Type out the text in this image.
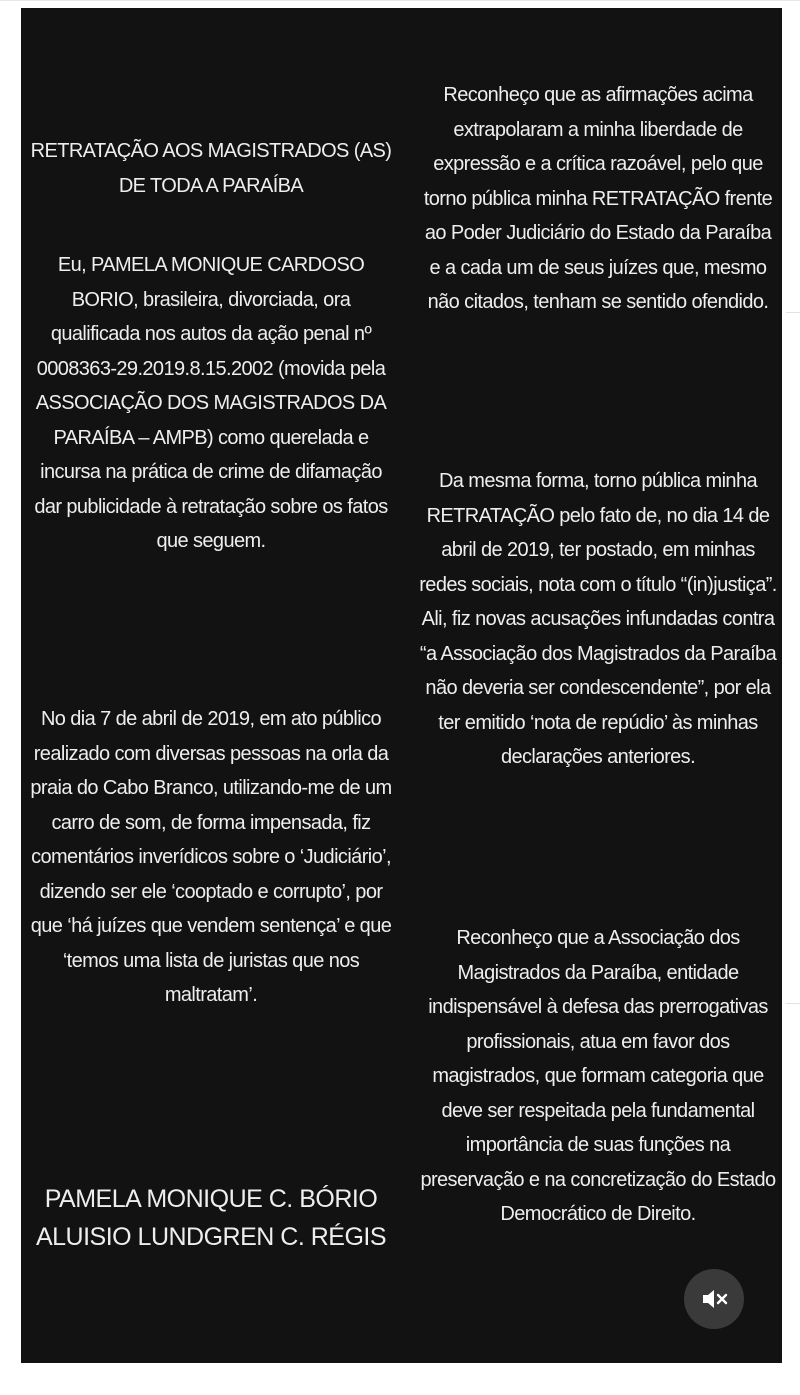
RETRATAÇÃO AOS MAGISTRADOS (AS) DE TODA A PARAÍBA

Eu, PAMELA MONIQUE CARDOSO BORIO, brasileira, divorciada, ora qualificada nos autos da ação penal nº 0008363-29.2019.8.15.2002 (movida pela ASSOCIAÇÃO DOS MAGISTRADOS DA PARAÍBA – AMPB) como querelada e incursa na prática de crime de difamação dar publicidade à retratação sobre os fatos que seguem.

No dia 7 de abril de 2019, em ato público realizado com diversas pessoas na orla da praia do Cabo Branco, utilizando-me de um carro de som, de forma impensada, fiz comentários inverídicos sobre o ‘Judiciário’, dizendo ser ele ‘cooptado e corrupto’, por que ‘há juízes que vendem sentença’ e que ‘temos uma lista de juristas que nos maltratam’.

PAMELA MONIQUE C. BÓRIO
ALUISIO LUNDGREN C. RÉGIS

Reconheço que as afirmações acima extrapolaram a minha liberdade de expressão e a crítica razoável, pelo que torno pública minha RETRATAÇÃO frente ao Poder Judiciário do Estado da Paraíba e a cada um de seus juízes que, mesmo não citados, tenham se sentido ofendido.

Da mesma forma, torno pública minha RETRATAÇÃO pelo fato de, no dia 14 de abril de 2019, ter postado, em minhas redes sociais, nota com o título “(in)justiça”. Ali, fiz novas acusações infundadas contra “a Associação dos Magistrados da Paraíba não deveria ser condescendente”, por ela ter emitido ‘nota de repúdio’ às minhas declarações anteriores.

Reconheço que a Associação dos Magistrados da Paraíba, entidade indispensável à defesa das prerrogativas profissionais, atua em favor dos magistrados, que formam categoria que deve ser respeitada pela fundamental importância de suas funções na preservação e na concretização do Estado Democrático de Direito.
